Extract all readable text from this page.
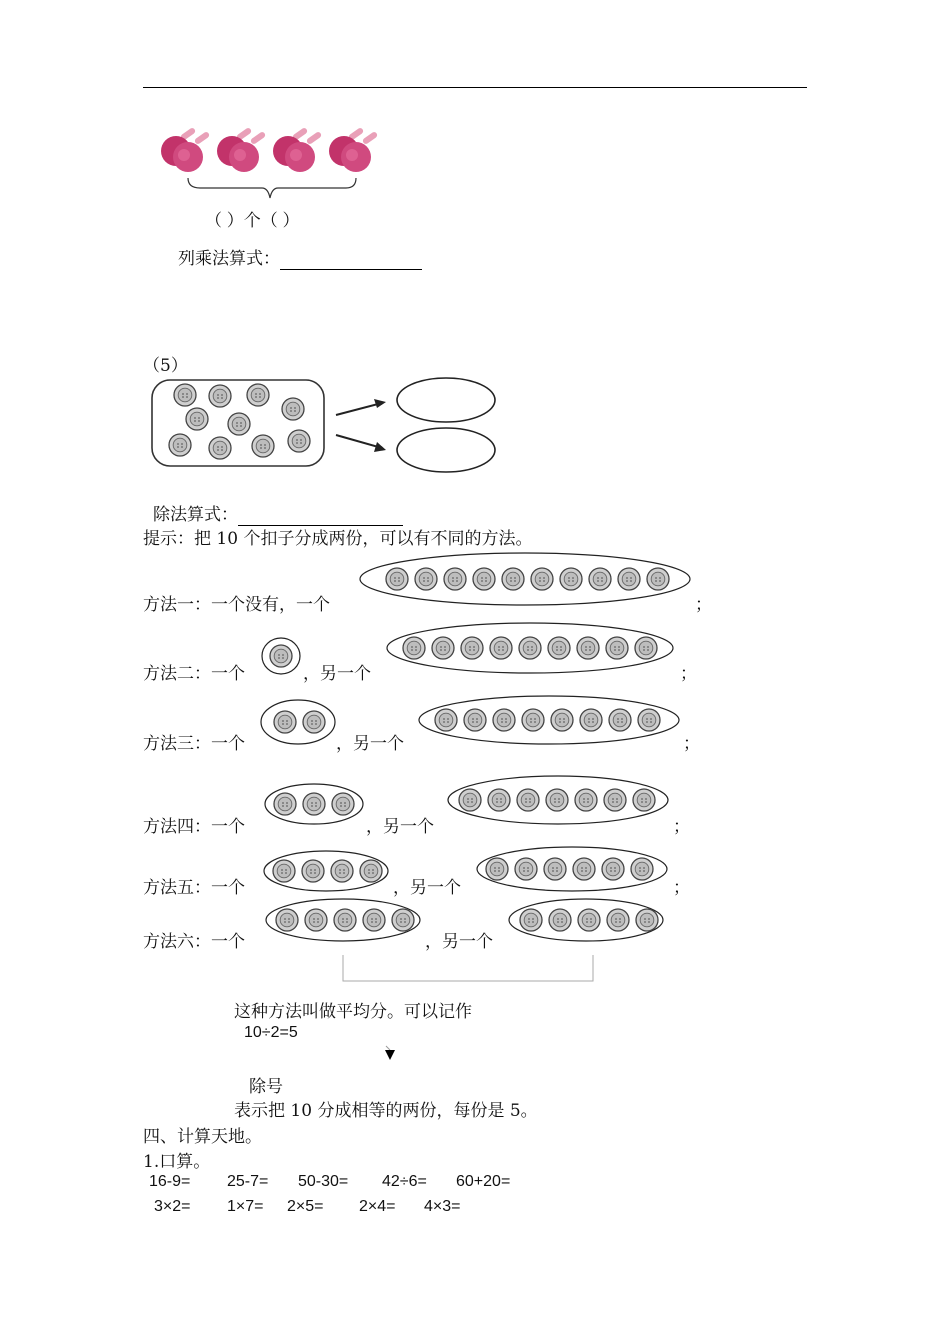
（ ）个（ ）
列乘法算式：
（5）
除法算式：
提示：把 10 个扣子分成两份，可以有不同的方法。
方法一：一个没有，一个	；
方法二：一个	，另一个	；
方法三：一个	，另一个	；
方法四：一个	，另一个	；
方法五：一个	，另一个	；
方法六：一个	，另一个
这种方法叫做平均分。可以记作
10÷2=5
除号
表示把 10 分成相等的两份，每份是 5。
四、计算天地。
1.口算。
16-9= 25-7= 50-30= 42÷6= 60+20=
3×2= 1×7= 2×5= 2×4= 4×3=
